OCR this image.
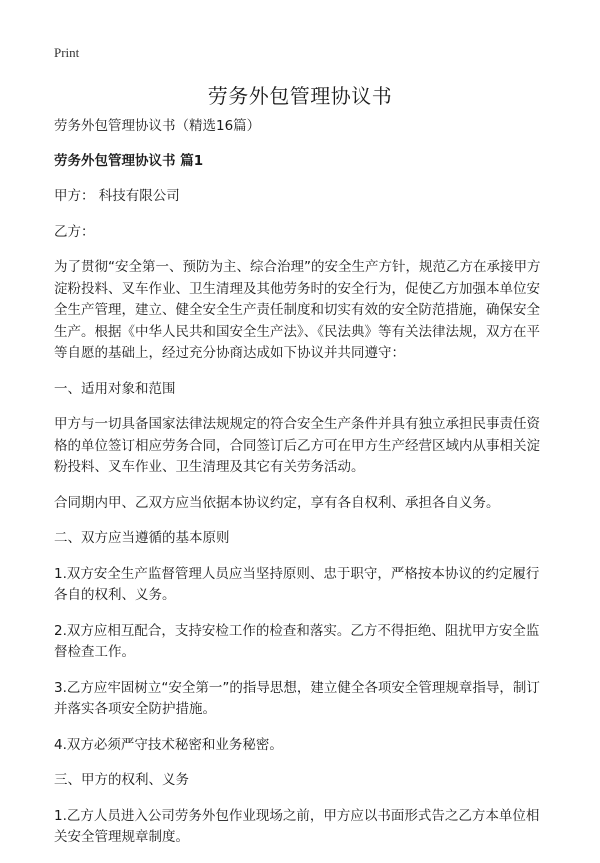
Print
劳务外包管理协议书

劳务外包管理协议书（精选16篇）

劳务外包管理协议书 篇1

甲方： 科技有限公司

乙方：

为了贯彻“安全第一、预防为主、综合治理”的安全生产方针，规范乙方在承接甲方淀粉投料、叉车作业、卫生清理及其他劳务时的安全行为，促使乙方加强本单位安全生产管理，建立、健全安全生产责任制度和切实有效的安全防范措施，确保安全生产。根据《中华人民共和国安全生产法》、《民法典》等有关法律法规，双方在平等自愿的基础上，经过充分协商达成如下协议并共同遵守：

一、适用对象和范围

甲方与一切具备国家法律法规规定的符合安全生产条件并具有独立承担民事责任资格的单位签订相应劳务合同，合同签订后乙方可在甲方生产经营区域内从事相关淀粉投料、叉车作业、卫生清理及其它有关劳务活动。

合同期内甲、乙双方应当依据本协议约定，享有各自权利、承担各自义务。

二、双方应当遵循的基本原则

1.双方安全生产监督管理人员应当坚持原则、忠于职守，严格按本协议的约定履行各自的权利、义务。

2.双方应相互配合，支持安检工作的检查和落实。乙方不得拒绝、阻扰甲方安全监督检查工作。

3.乙方应牢固树立“安全第一”的指导思想，建立健全各项安全管理规章指导，制订并落实各项安全防护措施。

4.双方必须严守技术秘密和业务秘密。

三、甲方的权利、义务

1.乙方人员进入公司劳务外包作业现场之前，甲方应以书面形式告之乙方本单位相关安全管理规章制度。
